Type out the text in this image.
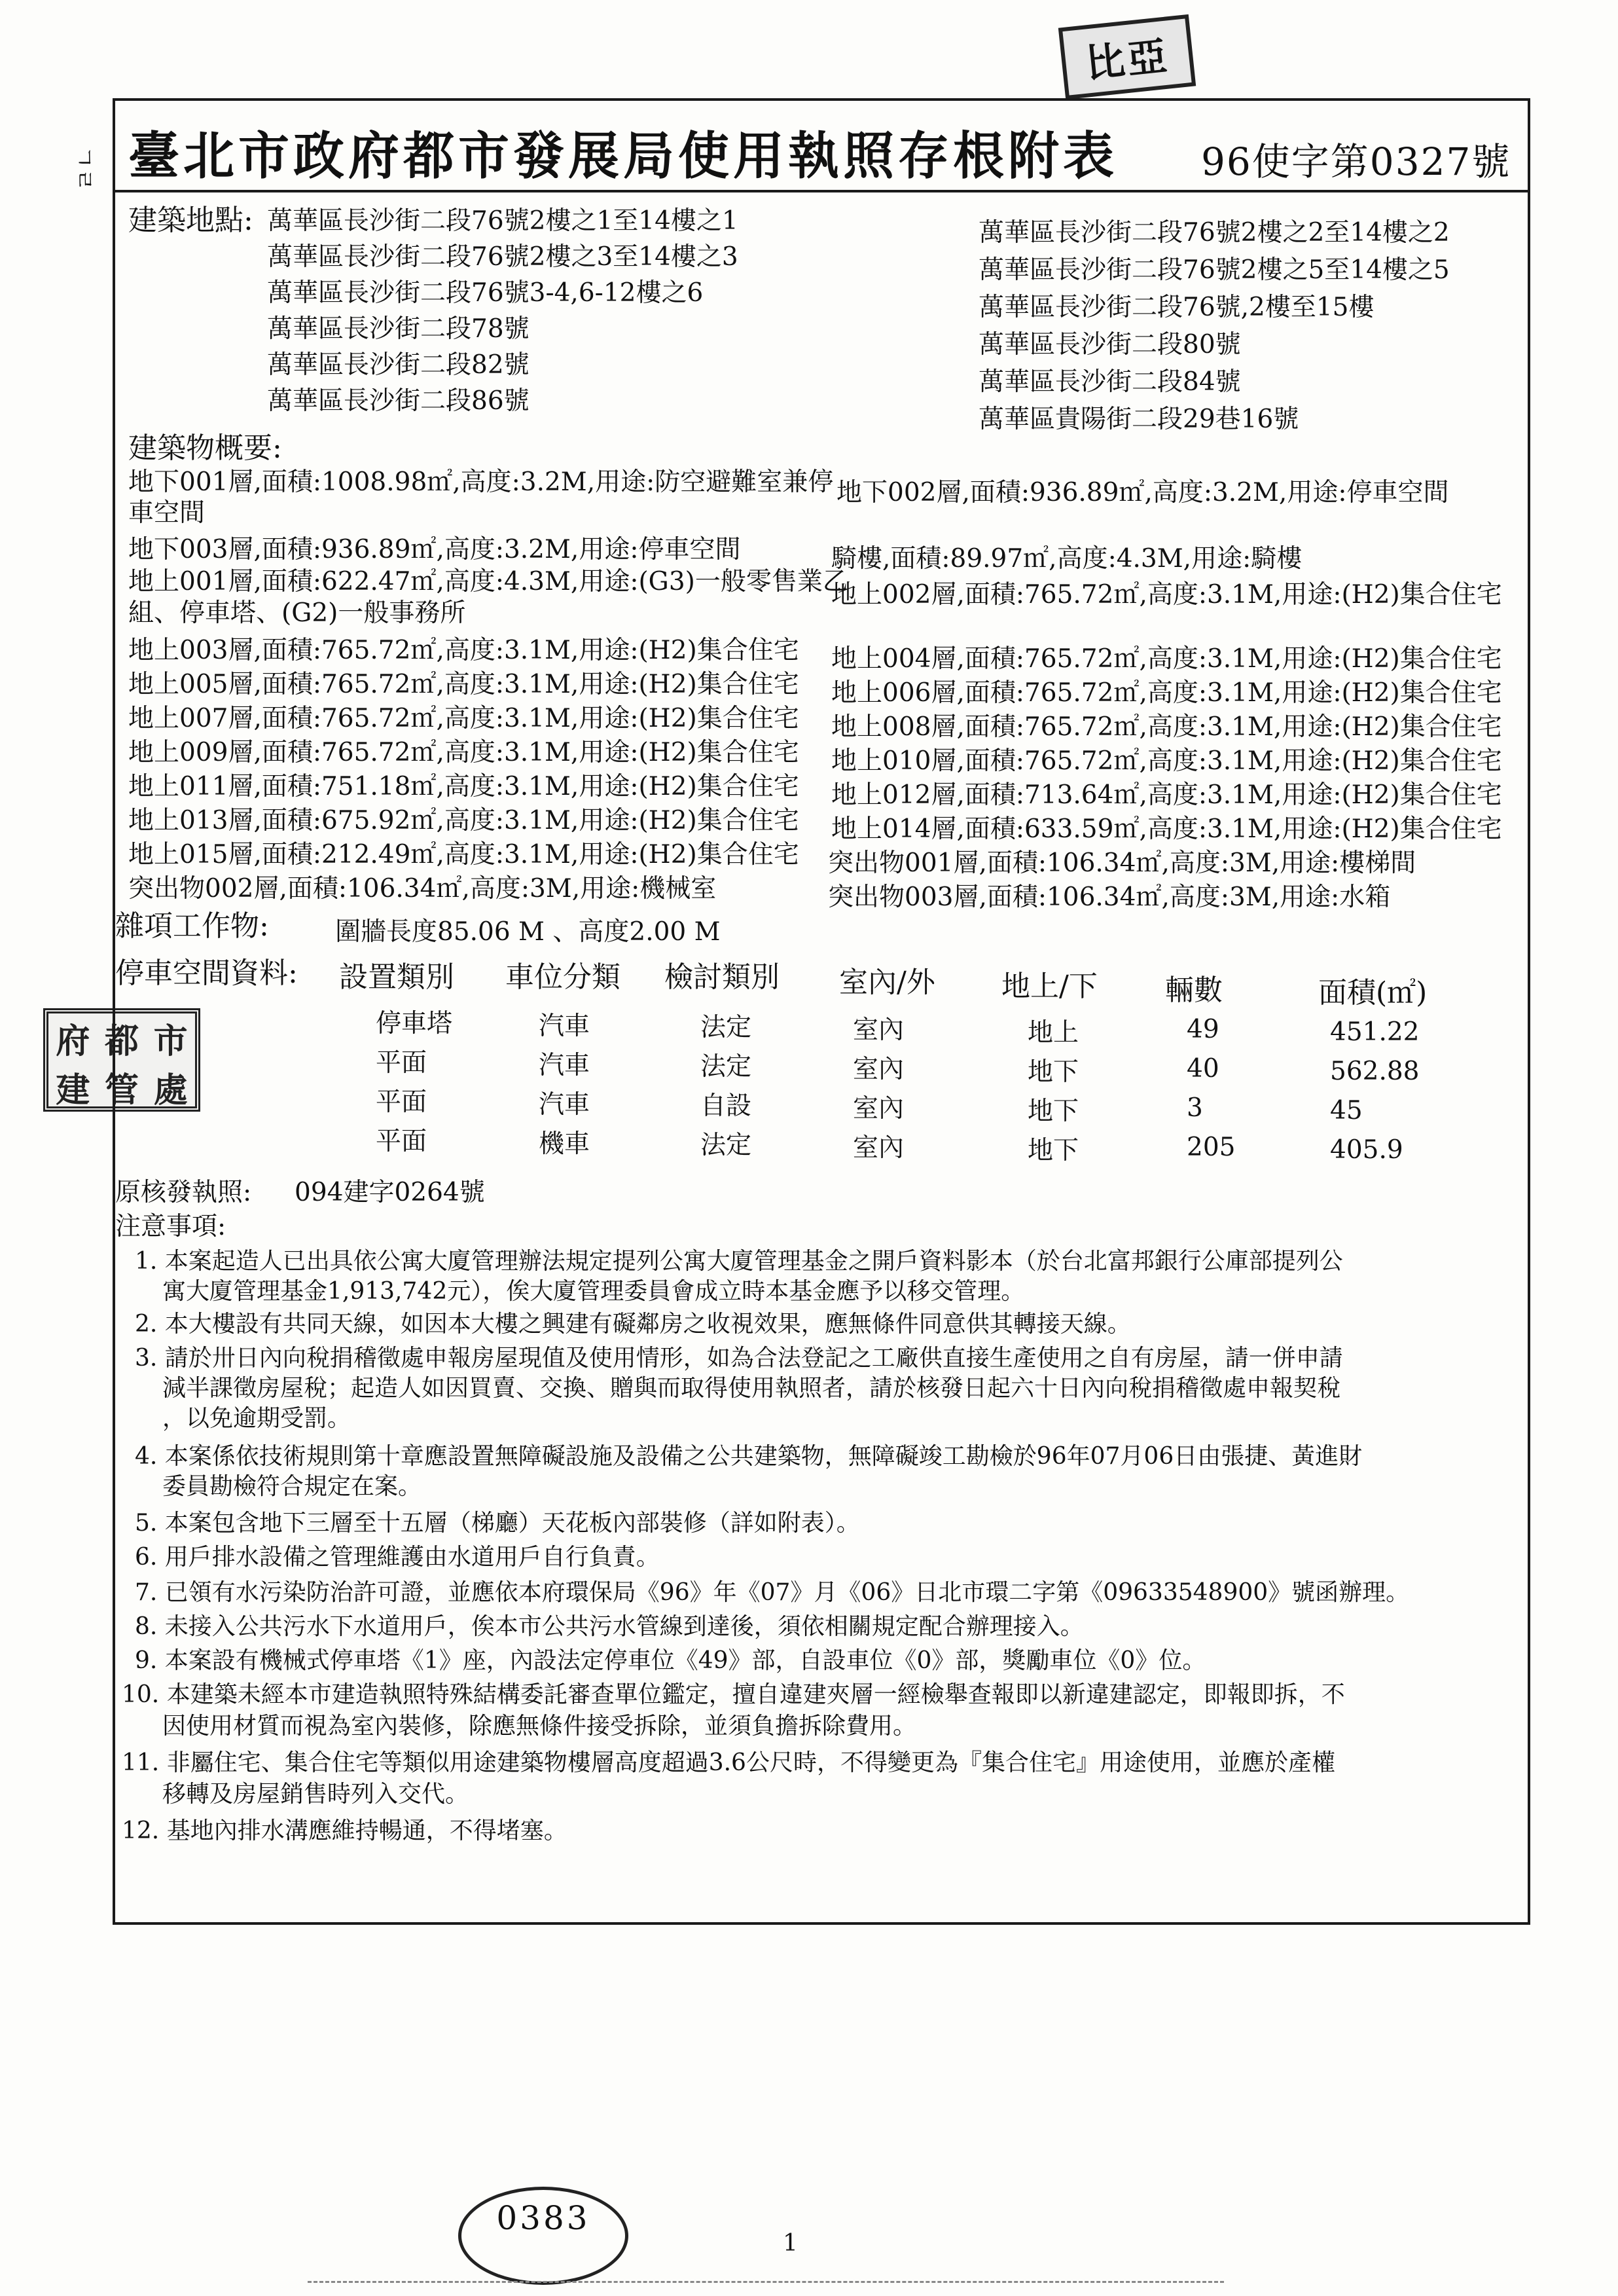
比亞
ㄱㄹ
府 都 市
建 管 處
臺北市政府都市發展局使用執照存根附表 96使字第0327號
建築地點: 萬華區長沙街二段76號2樓之1至14樓之1
萬華區長沙街二段76號2樓之3至14樓之3
萬華區長沙街二段76號3-4,6-12樓之6
萬華區長沙街二段78號
萬華區長沙街二段82號
萬華區長沙街二段86號
萬華區長沙街二段76號2樓之2至14樓之2
萬華區長沙街二段76號2樓之5至14樓之5
萬華區長沙街二段76號,2樓至15樓
萬華區長沙街二段80號
萬華區長沙街二段84號
萬華區貴陽街二段29巷16號
建築物概要:
地下001層,面積:1008.98㎡,高度:3.2M,用途:防空避難室兼停
車空間
地下003層,面積:936.89㎡,高度:3.2M,用途:停車空間
地上001層,面積:622.47㎡,高度:4.3M,用途:(G3)一般零售業乙
組、停車塔、(G2)一般事務所
地上003層,面積:765.72㎡,高度:3.1M,用途:(H2)集合住宅
地上005層,面積:765.72㎡,高度:3.1M,用途:(H2)集合住宅
地上007層,面積:765.72㎡,高度:3.1M,用途:(H2)集合住宅
地上009層,面積:765.72㎡,高度:3.1M,用途:(H2)集合住宅
地上011層,面積:751.18㎡,高度:3.1M,用途:(H2)集合住宅
地上013層,面積:675.92㎡,高度:3.1M,用途:(H2)集合住宅
地上015層,面積:212.49㎡,高度:3.1M,用途:(H2)集合住宅
突出物002層,面積:106.34㎡,高度:3M,用途:機械室
地下002層,面積:936.89㎡,高度:3.2M,用途:停車空間
騎樓,面積:89.97㎡,高度:4.3M,用途:騎樓
地上002層,面積:765.72㎡,高度:3.1M,用途:(H2)集合住宅
地上004層,面積:765.72㎡,高度:3.1M,用途:(H2)集合住宅
地上006層,面積:765.72㎡,高度:3.1M,用途:(H2)集合住宅
地上008層,面積:765.72㎡,高度:3.1M,用途:(H2)集合住宅
地上010層,面積:765.72㎡,高度:3.1M,用途:(H2)集合住宅
地上012層,面積:713.64㎡,高度:3.1M,用途:(H2)集合住宅
地上014層,面積:633.59㎡,高度:3.1M,用途:(H2)集合住宅
突出物001層,面積:106.34㎡,高度:3M,用途:樓梯間
突出物003層,面積:106.34㎡,高度:3M,用途:水箱
雜項工作物:	圍牆長度85.06 M 、高度2.00 M
停車空間資料: 設置類別 車位分類 檢討類別 室內/外 地上/下 輛數	面積(㎡)
停車塔	汽車	法定	室內	地上	49	451.22
平面	汽車	法定	室內	地下	40	562.88
平面	汽車	自設	室內	地下	3	45
平面	機車	法定	室內	地下	205	405.9
原核發執照: 094建字0264號
注意事項:
1. 本案起造人已出具依公寓大廈管理辦法規定提列公寓大廈管理基金之開戶資料影本（於台北富邦銀行公庫部提列公
寓大廈管理基金1,913,742元），俟大廈管理委員會成立時本基金應予以移交管理。
2. 本大樓設有共同天線，如因本大樓之興建有礙鄰房之收視效果，應無條件同意供其轉接天線。
3. 請於卅日內向稅捐稽徵處申報房屋現值及使用情形，如為合法登記之工廠供直接生產使用之自有房屋，請一併申請
減半課徵房屋稅；起造人如因買賣、交換、贈與而取得使用執照者，請於核發日起六十日內向稅捐稽徵處申報契稅
，以免逾期受罰。
4. 本案係依技術規則第十章應設置無障礙設施及設備之公共建築物，無障礙竣工勘檢於96年07月06日由張捷、黃進財
委員勘檢符合規定在案。
5. 本案包含地下三層至十五層（梯廳）天花板內部裝修（詳如附表）。
6. 用戶排水設備之管理維護由水道用戶自行負責。
7. 已領有水污染防治許可證，並應依本府環保局《96》年《07》月《06》日北市環二字第《09633548900》號函辦理。
8. 未接入公共污水下水道用戶，俟本市公共污水管線到達後，須依相關規定配合辦理接入。
9. 本案設有機械式停車塔《1》座，內設法定停車位《49》部，自設車位《0》部，獎勵車位《0》位。
10. 本建築未經本市建造執照特殊結構委託審查單位鑑定，擅自違建夾層一經檢舉查報即以新違建認定，即報即拆，不
因使用材質而視為室內裝修，除應無條件接受拆除，並須負擔拆除費用。
11. 非屬住宅、集合住宅等類似用途建築物樓層高度超過3.6公尺時，不得變更為『集合住宅』用途使用，並應於產權
移轉及房屋銷售時列入交代。
12. 基地內排水溝應維持暢通，不得堵塞。
0383
1
